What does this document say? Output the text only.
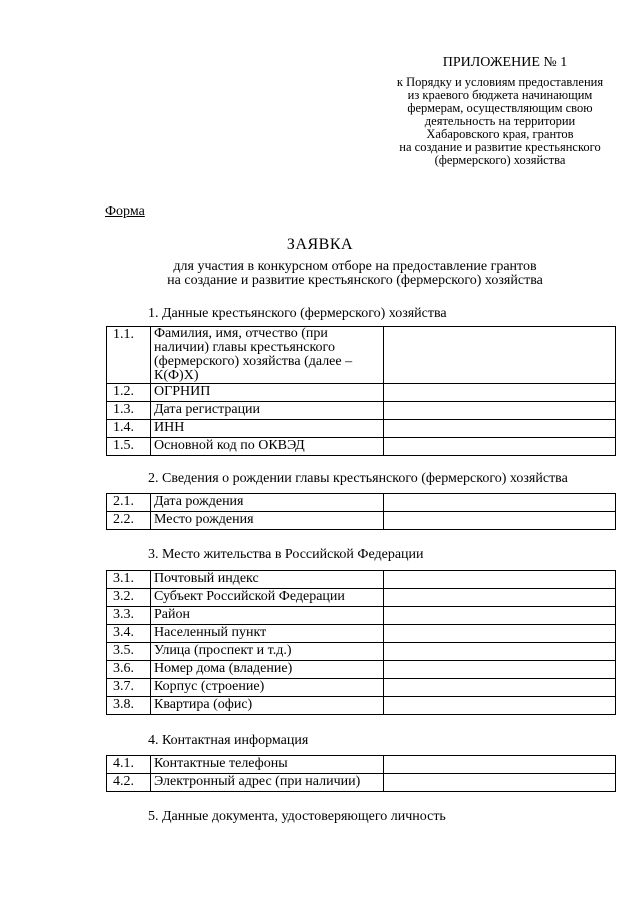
ПРИЛОЖЕНИЕ № 1
к Порядку и условиям предоставления
из краевого бюджета начинающим
фермерам, осуществляющим свою
деятельность на территории
Хабаровского края, грантов
на создание и развитие крестьянского
(фермерского) хозяйства
Форма
ЗАЯВКА
для участия в конкурсном отборе на предоставление грантов
на создание и развитие крестьянского (фермерского) хозяйства
1. Данные крестьянского (фермерского) хозяйства
1.1.	Фамилия, имя, отчество (при наличии) главы крестьянского (фермерского) хозяйства (далее – К(Ф)Х)	
1.2.	ОГРНИП	
1.3.	Дата регистрации	
1.4.	ИНН	
1.5.	Основной код по ОКВЭД	
2. Сведения о рождении главы крестьянского (фермерского) хозяйства
2.1.	Дата рождения	
2.2.	Место рождения	
3. Место жительства в Российской Федерации
3.1.	Почтовый индекс	
3.2.	Субъект Российской Федерации	
3.3.	Район	
3.4.	Населенный пункт	
3.5.	Улица (проспект и т.д.)	
3.6.	Номер дома (владение)	
3.7.	Корпус (строение)	
3.8.	Квартира (офис)	
4. Контактная информация
4.1.	Контактные телефоны	
4.2.	Электронный адрес (при наличии)	
5. Данные документа, удостоверяющего личность
